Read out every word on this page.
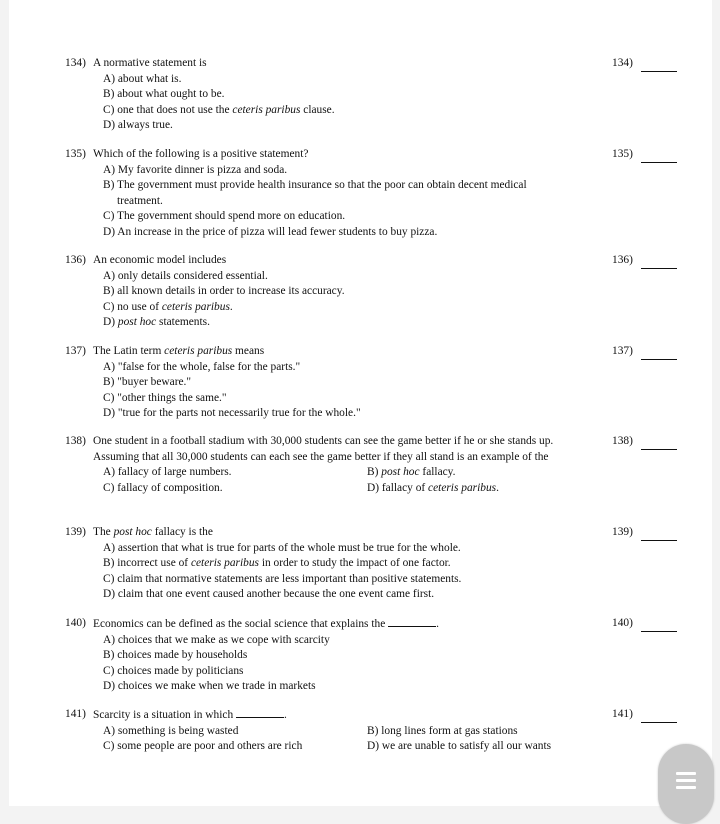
134) A normative statement is
A) about what is.
B) about what ought to be.
C) one that does not use the ceteris paribus clause.
D) always true.
134)
135) Which of the following is a positive statement?
A) My favorite dinner is pizza and soda.
B) The government must provide health insurance so that the poor can obtain decent medical
treatment.
C) The government should spend more on education.
D) An increase in the price of pizza will lead fewer students to buy pizza.
135)
136) An economic model includes
A) only details considered essential.
B) all known details in order to increase its accuracy.
C) no use of ceteris paribus.
D) post hoc statements.
136)
137) The Latin term ceteris paribus means
A) "false for the whole, false for the parts."
B) "buyer beware."
C) "other things the same."
D) "true for the parts not necessarily true for the whole."
137)
138) One student in a football stadium with 30,000 students can see the game better if he or she stands up. Assuming that all 30,000 students can each see the game better if they all stand is an example of the
A) fallacy of large numbers.	B) post hoc fallacy.
C) fallacy of composition.	D) fallacy of ceteris paribus.
138)
139) The post hoc fallacy is the
A) assertion that what is true for parts of the whole must be true for the whole.
B) incorrect use of ceteris paribus in order to study the impact of one factor.
C) claim that normative statements are less important than positive statements.
D) claim that one event caused another because the one event came first.
139)
140) Economics can be defined as the social science that explains the	.
A) choices that we make as we cope with scarcity
B) choices made by households
C) choices made by politicians
D) choices we make when we trade in markets
140)
141) Scarcity is a situation in which	.
A) something is being wasted	B) long lines form at gas stations
C) some people are poor and others are rich	D) we are unable to satisfy all our wants
141)
